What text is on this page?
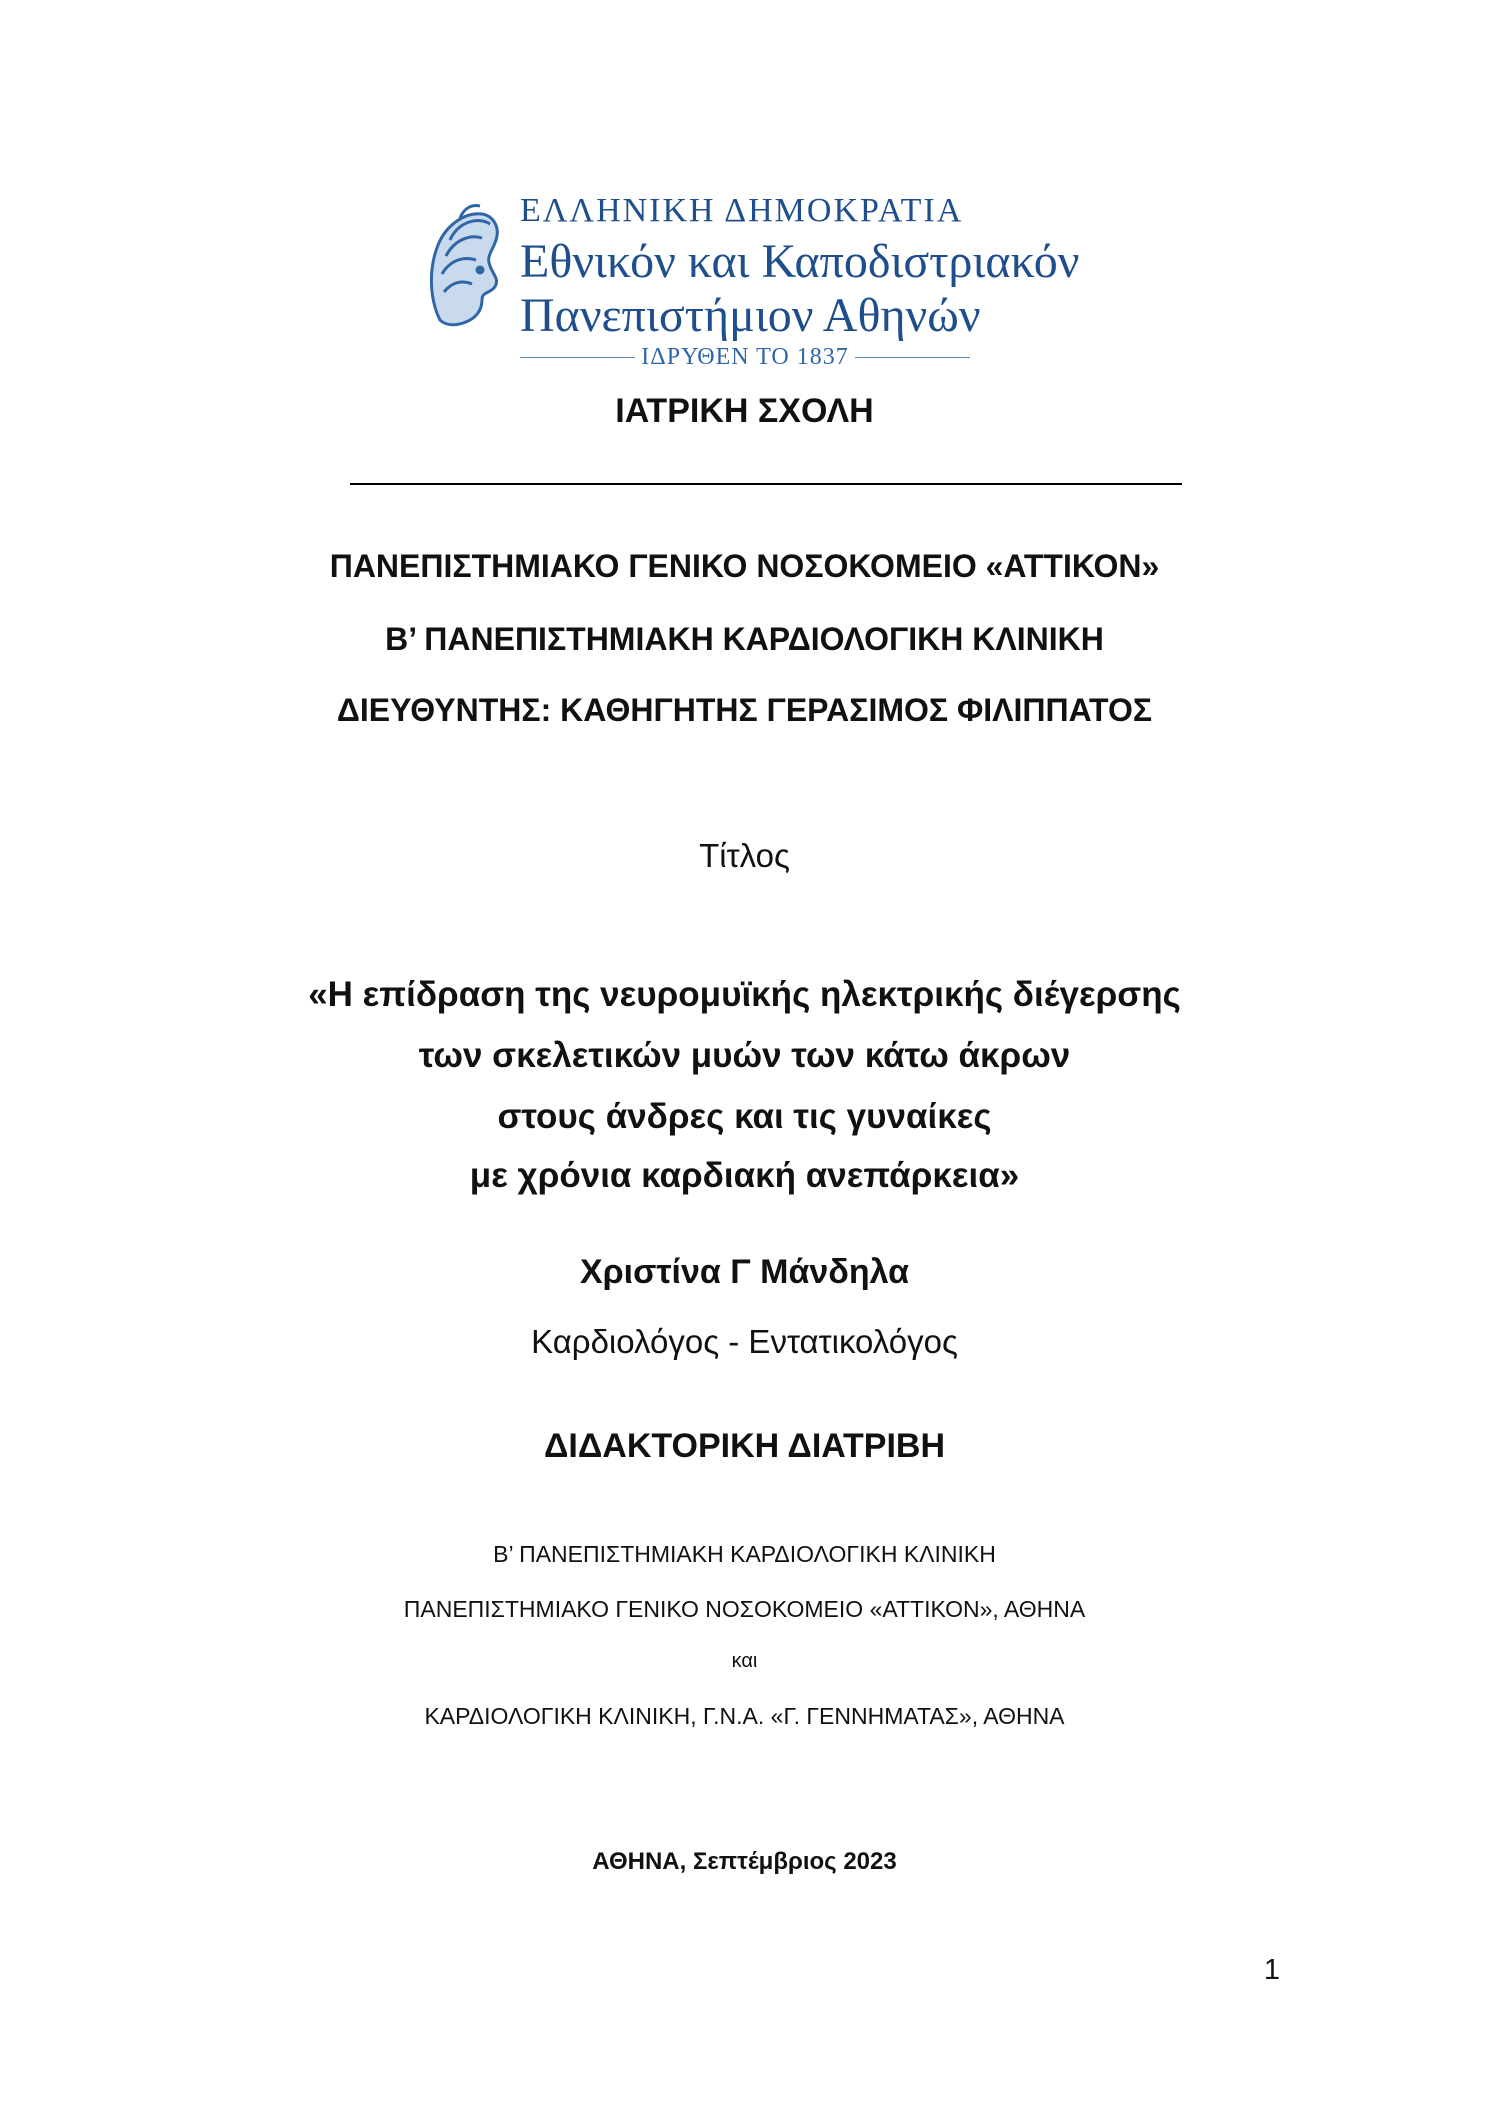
ΕΛΛΗΝΙΚΗ ΔΗΜΟΚΡΑΤΙΑ
Εθνικόν και Καποδιστριακόν
Πανεπιστήμιον Αθηνών
ΙΔΡΥΘΕΝ ΤΟ 1837
ΙΑΤΡΙΚΗ ΣΧΟΛΗ
ΠΑΝΕΠΙΣΤΗΜΙΑΚΟ ΓΕΝΙΚΟ ΝΟΣΟΚΟΜΕΙΟ «ΑΤΤΙΚΟΝ»
Β’ ΠΑΝΕΠΙΣΤΗΜΙΑΚΗ ΚΑΡΔΙΟΛΟΓΙΚΗ ΚΛΙΝΙΚΗ
ΔΙΕΥΘΥΝΤΗΣ: ΚΑΘΗΓΗΤΗΣ ΓΕΡΑΣΙΜΟΣ ΦΙΛΙΠΠΑΤΟΣ
Τίτλος
«Η επίδραση της νευρομυϊκής ηλεκτρικής διέγερσης
των σκελετικών μυών των κάτω άκρων
στους άνδρες και τις γυναίκες
με χρόνια καρδιακή ανεπάρκεια»
Χριστίνα Γ Μάνδηλα
Καρδιολόγος - Εντατικολόγος
ΔΙΔΑΚΤΟΡΙΚΗ ΔΙΑΤΡΙΒΗ
Β’ ΠΑΝΕΠΙΣΤΗΜΙΑΚΗ ΚΑΡΔΙΟΛΟΓΙΚΗ ΚΛΙΝΙΚΗ
ΠΑΝΕΠΙΣΤΗΜΙΑΚΟ ΓΕΝΙΚΟ ΝΟΣΟΚΟΜΕΙΟ «ΑΤΤΙΚΟΝ», ΑΘΗΝΑ
και
ΚΑΡΔΙΟΛΟΓΙΚΗ ΚΛΙΝΙΚΗ, Γ.Ν.Α. «Γ. ΓΕΝΝΗΜΑΤΑΣ», ΑΘΗΝΑ
ΑΘΗΝΑ, Σεπτέμβριος 2023
1
